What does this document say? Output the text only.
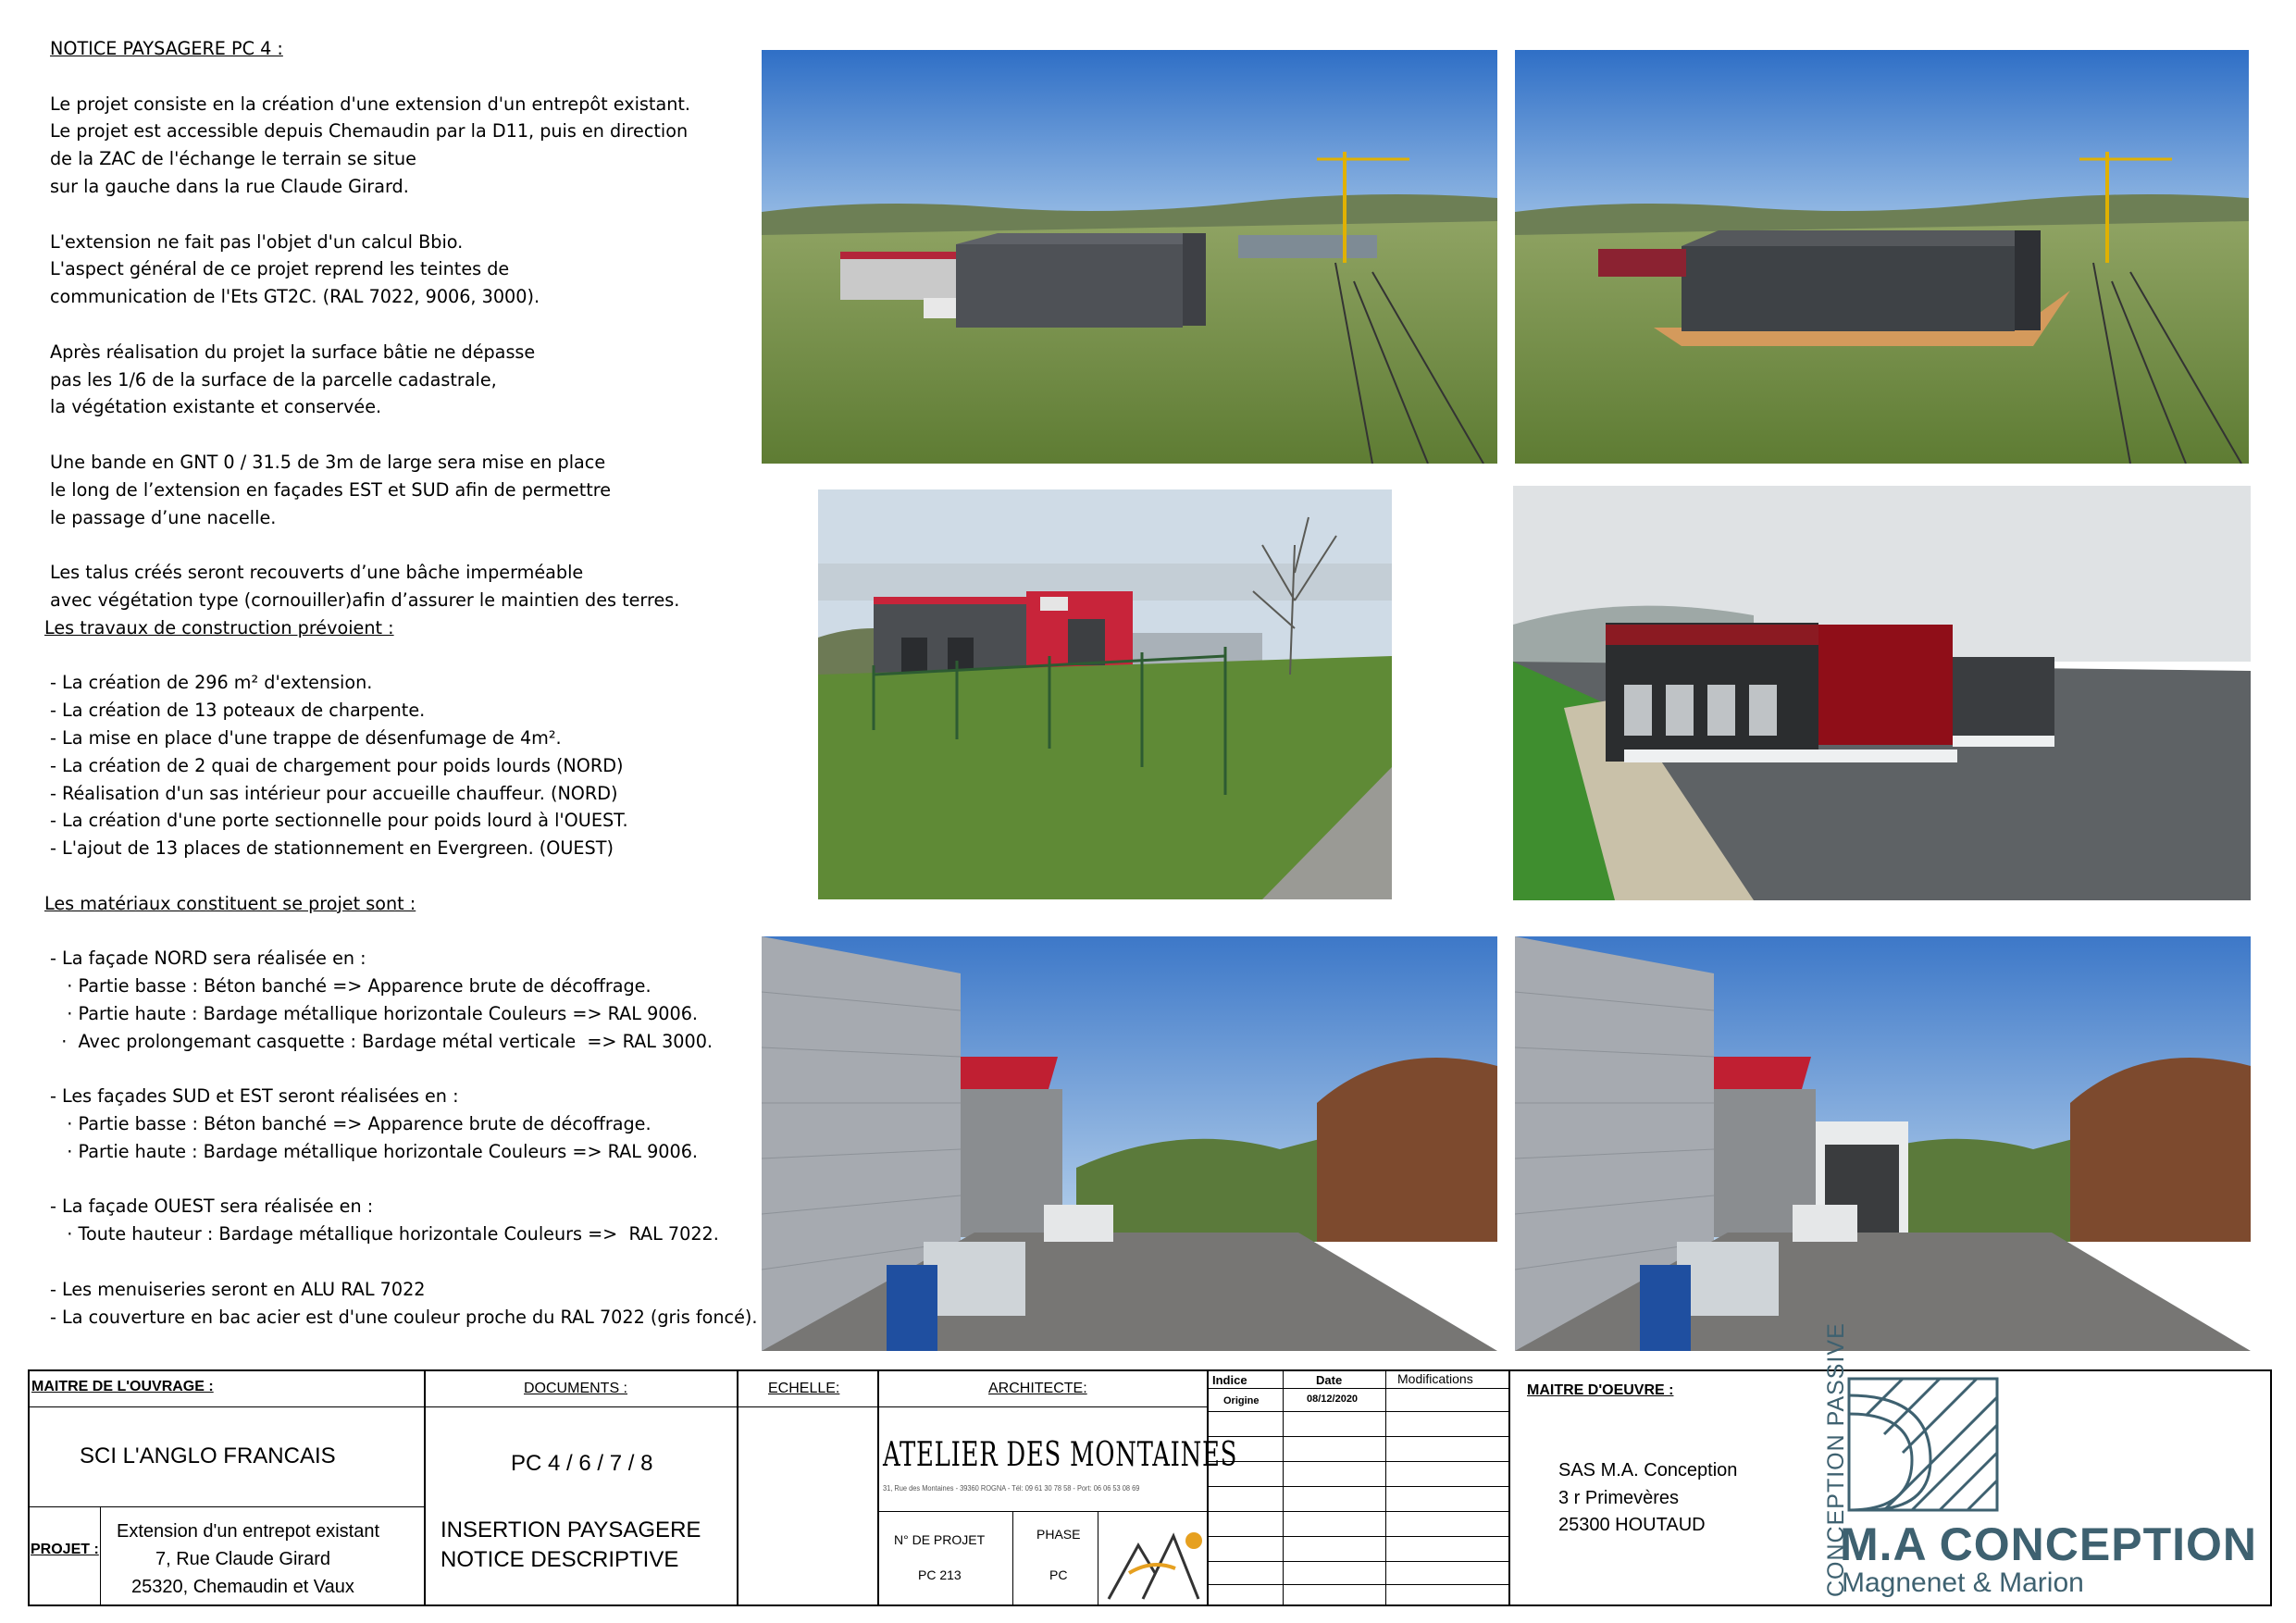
NOTICE PAYSAGERE PC 4 :

Le projet consiste en la création d'une extension d'un entrepôt existant.

Le projet est accessible depuis Chemaudin par la D11, puis en direction

de la ZAC de l'échange le terrain se situe

sur la gauche dans la rue Claude Girard.

L'extension ne fait pas l'objet d'un calcul Bbio.

L'aspect général de ce projet reprend les teintes de

communication de l'Ets GT2C. (RAL 7022, 9006, 3000).

Après réalisation du projet la surface bâtie ne dépasse

pas les 1/6 de la surface de la parcelle cadastrale,

la végétation existante et conservée.

Une bande en GNT 0 / 31.5 de 3m de large sera mise en place

le long de l’extension en façades EST et SUD afin de permettre

le passage d’une nacelle.

Les talus créés seront recouverts d’une bâche imperméable

avec végétation type (cornouiller)afin d’assurer le maintien des terres.

Les travaux de construction prévoient :

- La création de 296 m² d'extension.

- La création de 13 poteaux de charpente.

- La mise en place d'une trappe de désenfumage de 4m².

- La création de 2 quai de chargement pour poids lourds (NORD)

- Réalisation d'un sas intérieur pour accueille chauffeur. (NORD)

- La création d'une porte sectionnelle pour poids lourd à l'OUEST.

- L'ajout de 13 places de stationnement en Evergreen. (OUEST)

Les matériaux constituent se projet sont :

- La façade NORD sera réalisée en :

· Partie basse : Béton banché => Apparence brute de décoffrage.

· Partie haute : Bardage métallique horizontale Couleurs => RAL 9006.

·  Avec prolongemant casquette : Bardage métal verticale  => RAL 3000.

- Les façades SUD et EST seront réalisées en :

· Partie basse : Béton banché => Apparence brute de décoffrage.

· Partie haute : Bardage métallique horizontale Couleurs => RAL 9006.

- La façade OUEST sera réalisée en :

· Toute hauteur : Bardage métallique horizontale Couleurs =>  RAL 7022.

- Les menuiseries seront en ALU RAL 7022

- La couverture en bac acier est d'une couleur proche du RAL 7022 (gris foncé).

MAITRE DE L'OUVRAGE :
SCI L'ANGLO FRANCAIS
PROJET :
Extension d'un entrepot existant
7, Rue Claude Girard
25320, Chemaudin et Vaux
DOCUMENTS :
PC 4 / 6 / 7 / 8
INSERTION PAYSAGERE
NOTICE DESCRIPTIVE
ECHELLE:	ARCHITECTE:
ATELIER DES MONTAINES
31, Rue des Montaines - 39360 ROGNA - Tél: 09 61 30 78 58 - Port: 06 06 53 08 69
N° DE PROJET
PC 213
PHASE
PC
Indice	Date	Modifications
Origine	08/12/2020
MAITRE D'OEUVRE :
SAS M.A. Conception
3 r Primevères
25300 HOUTAUD	CONCEPTION PASSIVE
M.A CONCEPTION
Magnenet & Marion
